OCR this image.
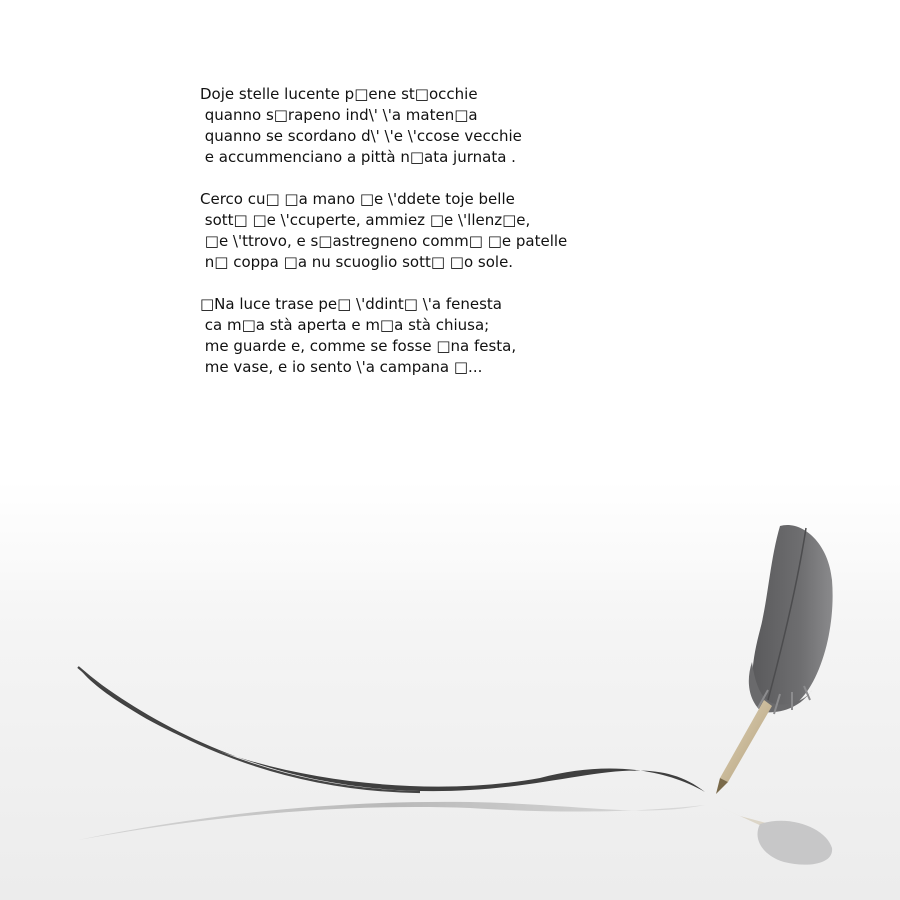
Doje stelle lucente p□ene st□occhie
quanno s□rapeno ind\' \'a maten□a
quanno se scordano d\' \'e \'ccose vecchie
e accummenciano a pittà n□ata jurnata .
Cerco cu□ □a mano □e \'ddete toje belle
sott□ □e \'ccuperte, ammiez □e \'llenz□e,
□e \'ttrovo, e s□astregneno comm□ □e patelle
n□ coppa □a nu scuoglio sott□ □o sole.
□Na luce trase pe□ \'ddint□ \'a fenesta
ca m□a stà aperta e m□a stà chiusa;
me guarde e, comme se fosse □na festa,
me vase, e io sento \'a campana □...
